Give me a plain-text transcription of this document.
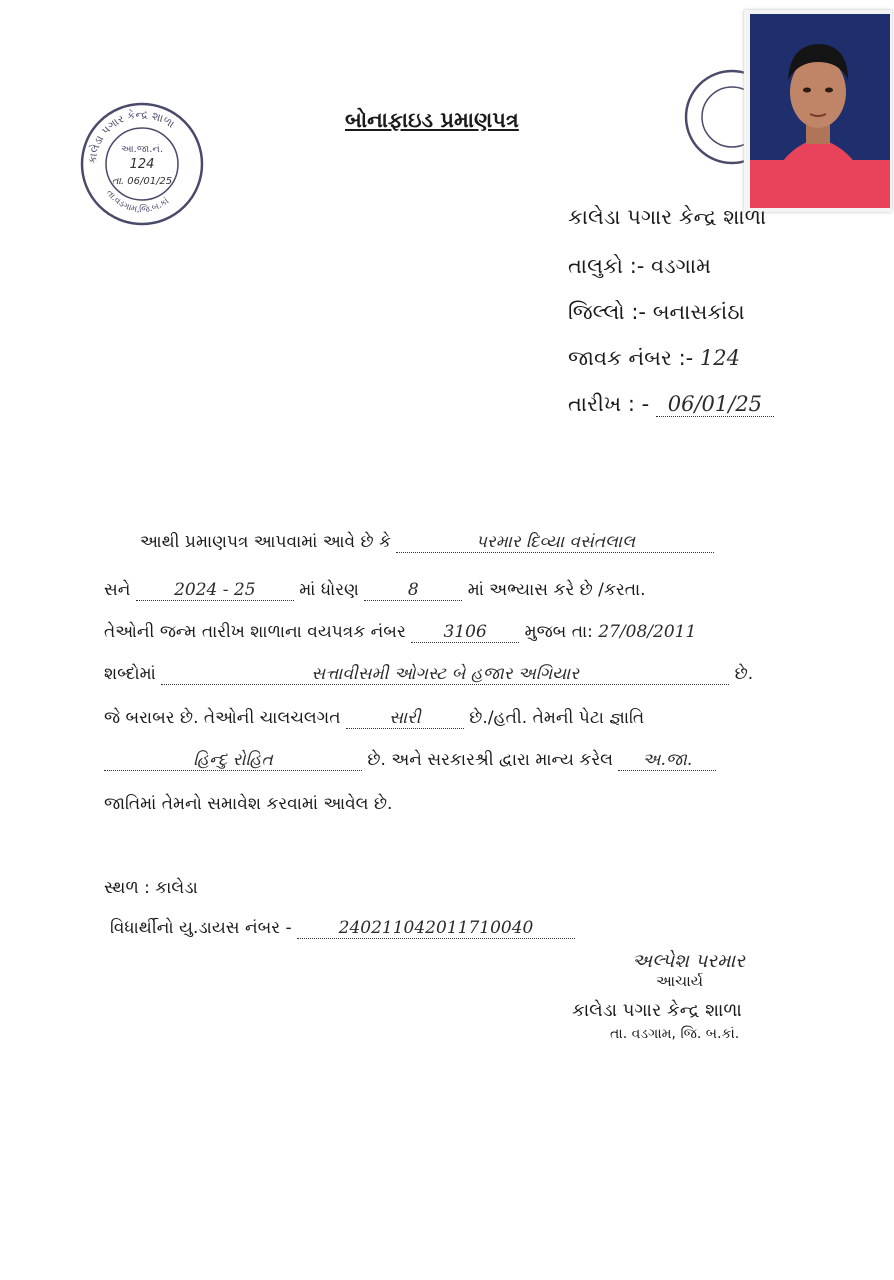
કાલેડા પગાર કેન્દ્ર શાળા
તા.વડગામ,જિ.બ.કાં
આ.જા.નં.
124
તા. 06/01/25
બોનાફાઇડ પ્રમાણપત્ર
કાલેડા પગાર કેન્દ્ર શાળા
તાલુકો :- વડગામ
જિલ્લો :- બનાસકાંઠા
જાવક નંબર :- 124
તારીખ : - 06/01/25
આથી પ્રમાણપત્ર આપવામાં આવે છે કે	પરમાર દિવ્યા વસંતલાલ
સને	2024 - 25	માં ધોરણ	8	માં અભ્યાસ કરે છે /કરતા.
તેઓની જન્મ તારીખ શાળાના વયપત્રક નંબર 3106 મુજબ તા: 27/08/2011
શબ્દોમાં	સત્તાવીસમી ઓગસ્ટ બે હજાર અગિયાર	છે.
જે બરાબર છે. તેઓની ચાલચલગત	સારી	છે./હતી. તેમની પેટા જ્ઞાતિ
હિન્દુ રોહિત	છે. અને સરકારશ્રી દ્વારા માન્ય કરેલ અ.જા.
જાતિમાં તેમનો સમાવેશ કરવામાં આવેલ છે.
સ્થળ : કાલેડા
વિધાર્થીનો યુ.ડાયસ નંબર -	240211042011710040
અલ્પેશ પરમાર
આચાર્ય
કાલેડા પગાર કેન્દ્ર શાળા
તા. વડગામ, જિ. બ.કાં.
